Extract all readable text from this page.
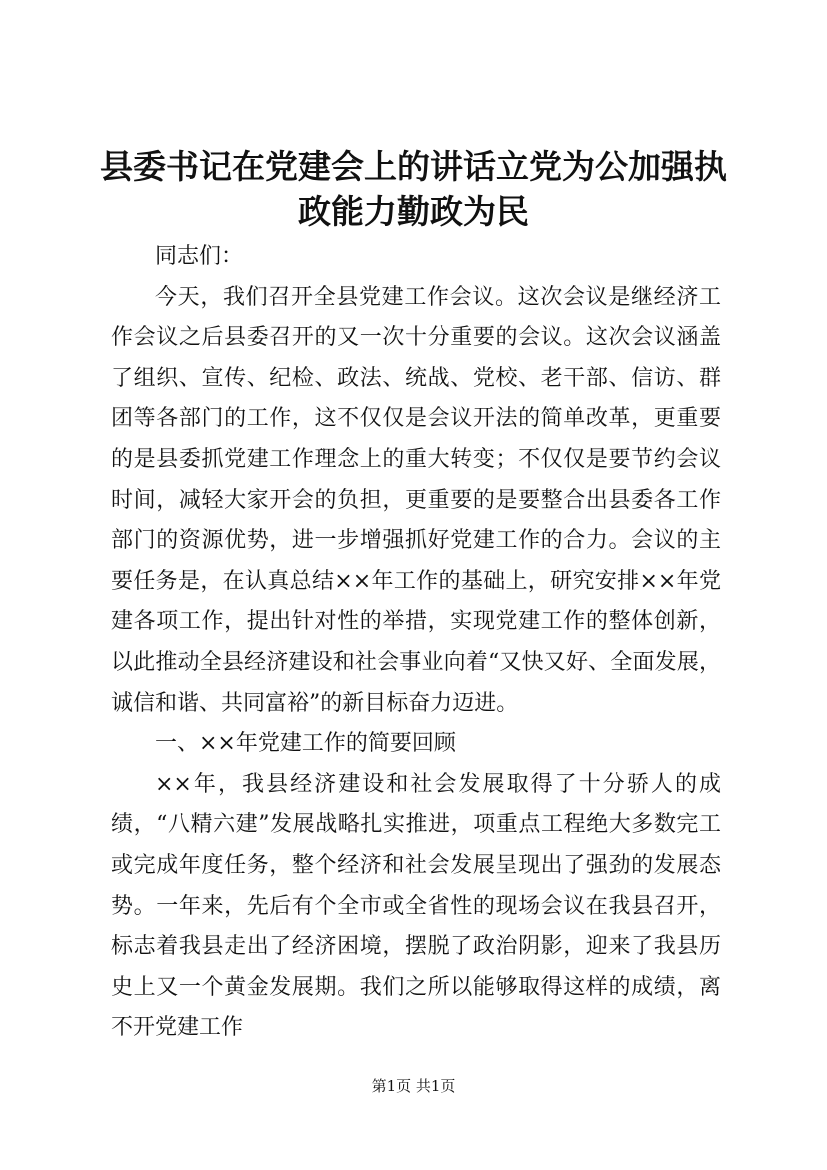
县委书记在党建会上的讲话立党为公加强执政能力勤政为民

同志们：

今天，我们召开全县党建工作会议。这次会议是继经济工作会议之后县委召开的又一次十分重要的会议。这次会议涵盖了组织、宣传、纪检、政法、统战、党校、老干部、信访、群团等各部门的工作，这不仅仅是会议开法的简单改革，更重要的是县委抓党建工作理念上的重大转变；不仅仅是要节约会议时间，减轻大家开会的负担，更重要的是要整合出县委各工作部门的资源优势，进一步增强抓好党建工作的合力。会议的主要任务是，在认真总结××年工作的基础上，研究安排××年党建各项工作，提出针对性的举措，实现党建工作的整体创新，以此推动全县经济建设和社会事业向着“又快又好、全面发展，诚信和谐、共同富裕”的新目标奋力迈进。

一、××年党建工作的简要回顾

××年，我县经济建设和社会发展取得了十分骄人的成绩，“八精六建”发展战略扎实推进，项重点工程绝大多数完工或完成年度任务，整个经济和社会发展呈现出了强劲的发展态势。一年来，先后有个全市或全省性的现场会议在我县召开，标志着我县走出了经济困境，摆脱了政治阴影，迎来了我县历史上又一个黄金发展期。我们之所以能够取得这样的成绩，离不开党建工作

第1页 共1页
